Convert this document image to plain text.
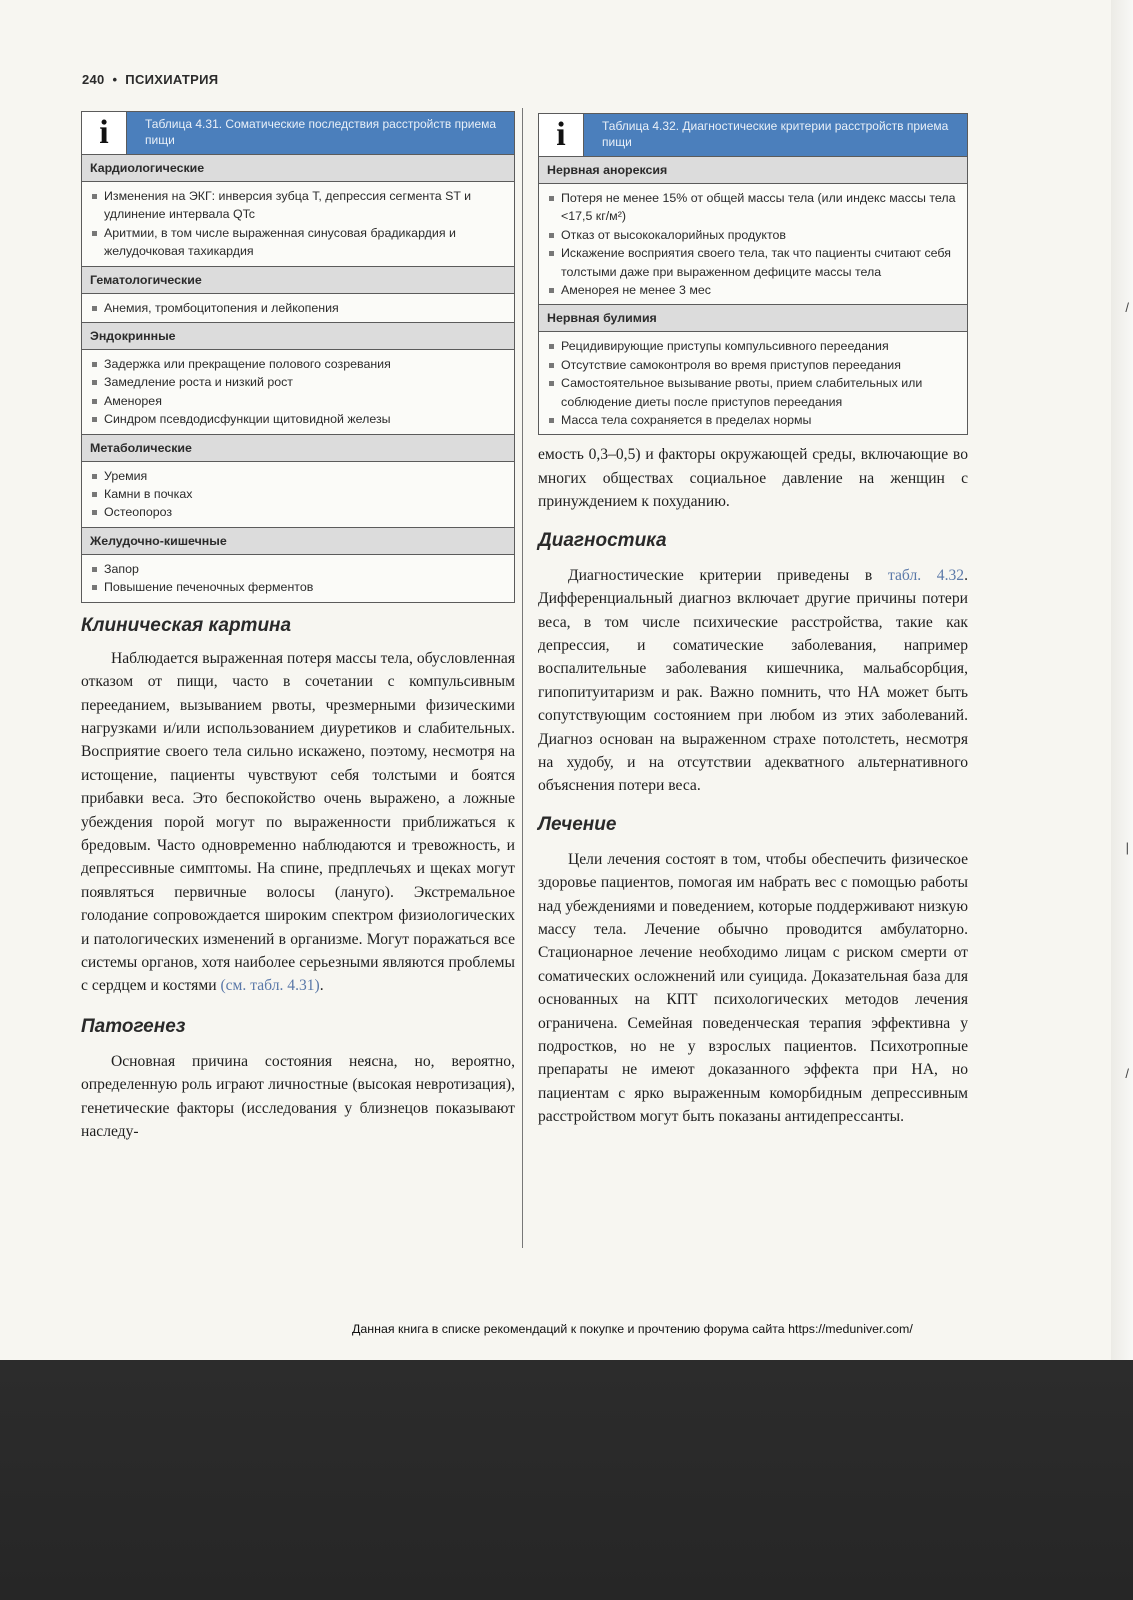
/
|
/
240 • ПСИХИАТРИЯ
i	Таблица 4.31. Соматические последствия расстройств приема пищи
Кардиологические
Изменения на ЭКГ: инверсия зубца T, депрессия сегмента ST и удлинение интервала QTc
Аритмии, в том числе выраженная синусовая брадикардия и желудочковая тахикардия
Гематологические
Анемия, тромбоцитопения и лейкопения
Эндокринные
Задержка или прекращение полового созревания
Замедление роста и низкий рост
Аменорея
Синдром псевдодисфункции щитовидной железы
Метаболические
Уремия
Камни в почках
Остеопороз
Желудочно-кишечные
Запор
Повышение печеночных ферментов
Клиническая картина

Наблюдается выраженная потеря массы тела, обусловленная отказом от пищи, часто в сочетании с компульсивным перееданием, вызыванием рвоты, чрезмерными физическими нагрузками и/или использованием диуретиков и слабительных. Восприятие своего тела сильно искажено, поэтому, несмотря на истощение, пациенты чувствуют себя толстыми и боятся прибавки веса. Это беспокойство очень выражено, а ложные убеждения порой могут по выраженности приближаться к бредовым. Часто одновременно наблюдаются и тревожность, и депрессивные симптомы. На спине, предплечьях и щеках могут появляться первичные волосы (лануго). Экстремальное голодание сопровождается широким спектром физиологических и патологических изменений в организме. Могут поражаться все системы органов, хотя наиболее серьезными являются проблемы с сердцем и костями (см. табл. 4.31).

Патогенез

Основная причина состояния неясна, но, вероятно, определенную роль играют личностные (высокая невротизация), генетические факторы (исследования у близнецов показывают наследу-

i	Таблица 4.32. Диагностические критерии расстройств приема пищи
Нервная анорексия
Потеря не менее 15% от общей массы тела (или индекс массы тела <17,5 кг/м²)
Отказ от высококалорийных продуктов
Искажение восприятия своего тела, так что пациенты считают себя толстыми даже при выраженном дефиците массы тела
Аменорея не менее 3 мес
Нервная булимия
Рецидивирующие приступы компульсивного переедания
Отсутствие самоконтроля во время приступов переедания
Самостоятельное вызывание рвоты, прием слабительных или соблюдение диеты после приступов переедания
Масса тела сохраняется в пределах нормы

емость 0,3–0,5) и факторы окружающей среды, включающие во многих обществах социальное давление на женщин с принуждением к похуданию.

Диагностика

Диагностические критерии приведены в табл. 4.32. Дифференциальный диагноз включает другие причины потери веса, в том числе психические расстройства, такие как депрессия, и соматические заболевания, например воспалительные заболевания кишечника, мальабсорбция, гипопитуитаризм и рак. Важно помнить, что НА может быть сопутствующим состоянием при любом из этих заболеваний. Диагноз основан на выраженном страхе потолстеть, несмотря на худобу, и на отсутствии адекватного альтернативного объяснения потери веса.

Лечение

Цели лечения состоят в том, чтобы обеспечить физическое здоровье пациентов, помогая им набрать вес с помощью работы над убеждениями и поведением, которые поддерживают низкую массу тела. Лечение обычно проводится амбулаторно. Стационарное лечение необходимо лицам с риском смерти от соматических осложнений или суицида. Доказательная база для основанных на КПТ психологических методов лечения ограничена. Семейная поведенческая терапия эффективна у подростков, но не у взрослых пациентов. Психотропные препараты не имеют доказанного эффекта при НА, но пациентам с ярко выраженным коморбидным депрессивным расстройством могут быть показаны антидепрессанты.

Данная книга в списке рекомендаций к покупке и прочтению форума сайта https://meduniver.com/
